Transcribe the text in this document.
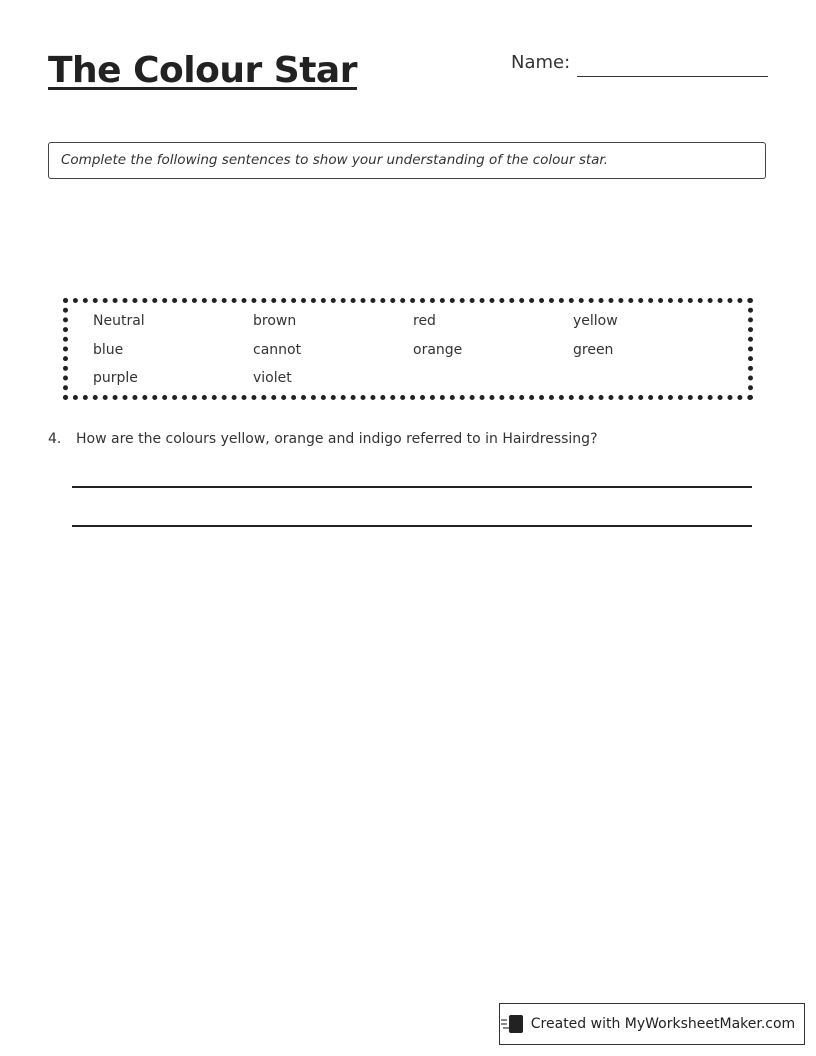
The Colour Star	Name:
Complete the following sentences to show your understanding of the colour star.
Neutral	brown	red	yellow
blue	cannot	orange	green
purple	violet
4. How are the colours yellow, orange and indigo referred to in Hairdressing?
Created with MyWorksheetMaker.com
